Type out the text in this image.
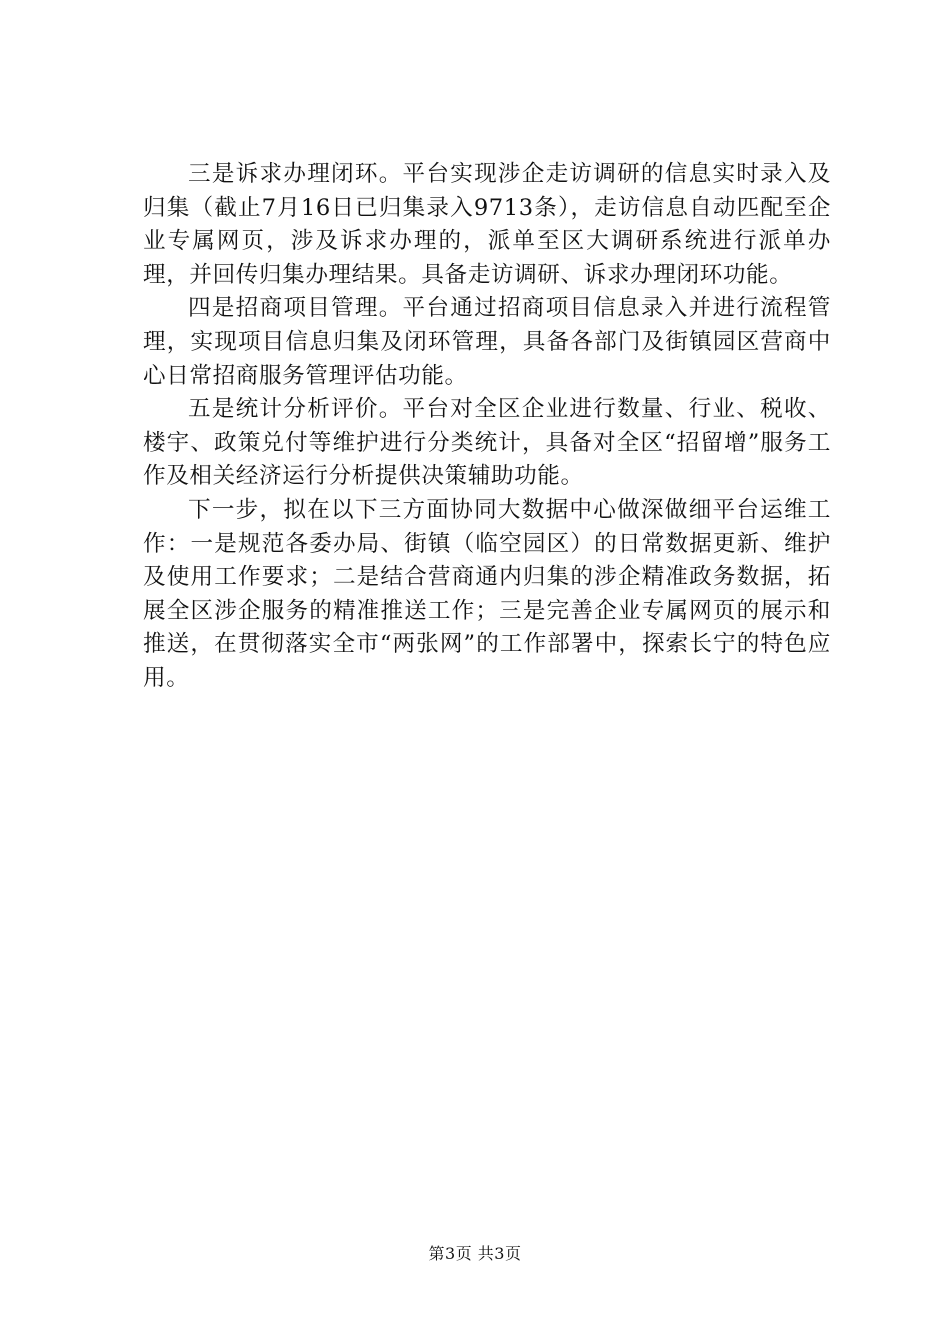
三是诉求办理闭环。平台实现涉企走访调研的信息实时录入及归集（截止7月16日已归集录入9713条），走访信息自动匹配至企业专属网页，涉及诉求办理的，派单至区大调研系统进行派单办理，并回传归集办理结果。具备走访调研、诉求办理闭环功能。

四是招商项目管理。平台通过招商项目信息录入并进行流程管理，实现项目信息归集及闭环管理，具备各部门及街镇园区营商中心日常招商服务管理评估功能。

五是统计分析评价。平台对全区企业进行数量、行业、税收、楼宇、政策兑付等维护进行分类统计，具备对全区“招留增”服务工作及相关经济运行分析提供决策辅助功能。

下一步，拟在以下三方面协同大数据中心做深做细平台运维工作：一是规范各委办局、街镇（临空园区）的日常数据更新、维护及使用工作要求；二是结合营商通内归集的涉企精准政务数据，拓展全区涉企服务的精准推送工作；三是完善企业专属网页的展示和推送，在贯彻落实全市“两张网”的工作部署中，探索长宁的特色应用。

第3页 共3页
